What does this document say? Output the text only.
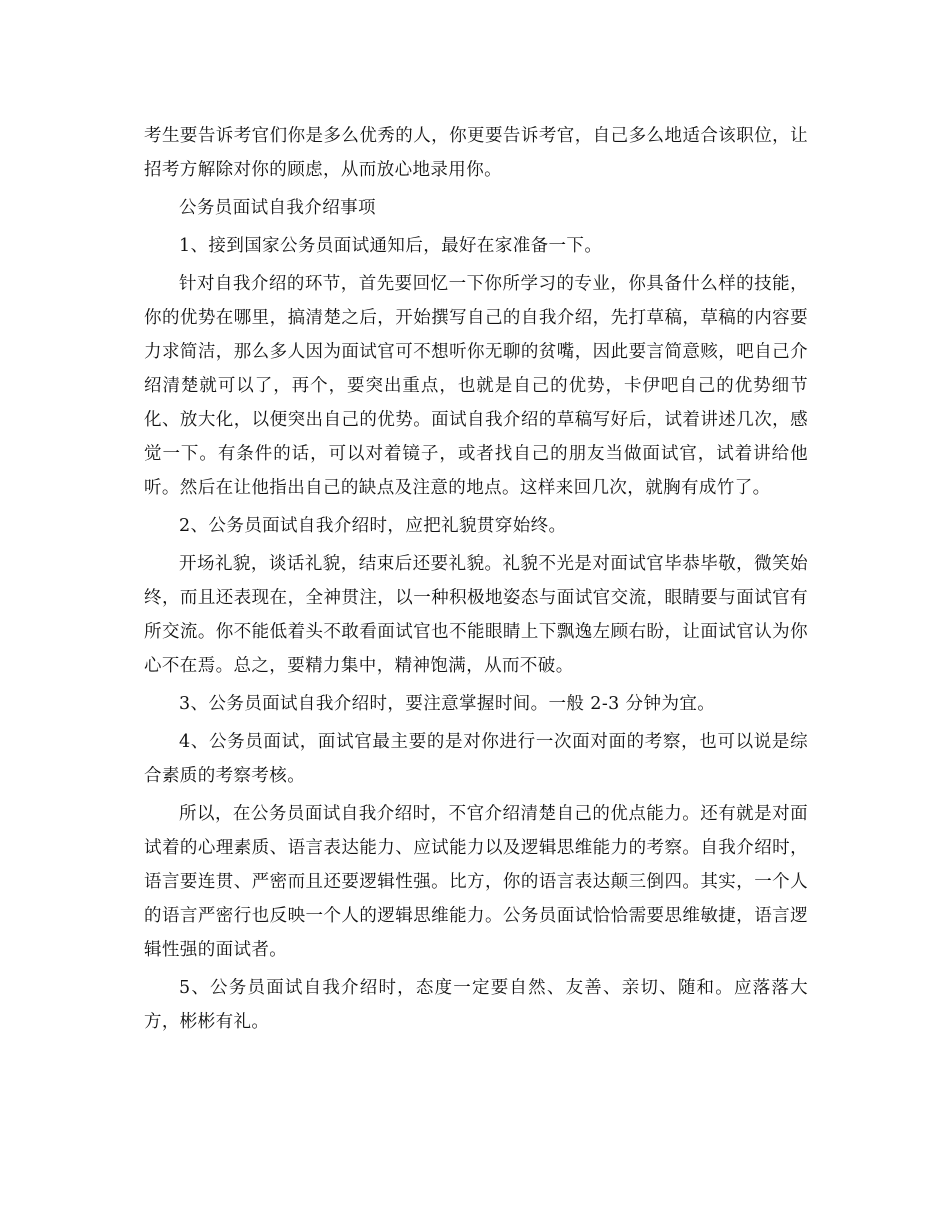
考生要告诉考官们你是多么优秀的人，你更要告诉考官，自己多么地适合该职位，让招考方解除对你的顾虑，从而放心地录用你。

公务员面试自我介绍事项

1、接到国家公务员面试通知后，最好在家准备一下。

针对自我介绍的环节，首先要回忆一下你所学习的专业，你具备什么样的技能，你的优势在哪里，搞清楚之后，开始撰写自己的自我介绍，先打草稿，草稿的内容要力求简洁，那么多人因为面试官可不想听你无聊的贫嘴，因此要言简意赅，吧自己介绍清楚就可以了，再个，要突出重点，也就是自己的优势，卡伊吧自己的优势细节化、放大化，以便突出自己的优势。面试自我介绍的草稿写好后，试着讲述几次，感觉一下。有条件的话，可以对着镜子，或者找自己的朋友当做面试官，试着讲给他听。然后在让他指出自己的缺点及注意的地点。这样来回几次，就胸有成竹了。

2、公务员面试自我介绍时，应把礼貌贯穿始终。

开场礼貌，谈话礼貌，结束后还要礼貌。礼貌不光是对面试官毕恭毕敬，微笑始终，而且还表现在，全神贯注，以一种积极地姿态与面试官交流，眼睛要与面试官有所交流。你不能低着头不敢看面试官也不能眼睛上下飘逸左顾右盼，让面试官认为你心不在焉。总之，要精力集中，精神饱满，从而不破。

3、公务员面试自我介绍时，要注意掌握时间。一般 2-3 分钟为宜。

4、公务员面试，面试官最主要的是对你进行一次面对面的考察，也可以说是综合素质的考察考核。

所以，在公务员面试自我介绍时，不官介绍清楚自己的优点能力。还有就是对面试着的心理素质、语言表达能力、应试能力以及逻辑思维能力的考察。自我介绍时，语言要连贯、严密而且还要逻辑性强。比方，你的语言表达颠三倒四。其实，一个人的语言严密行也反映一个人的逻辑思维能力。公务员面试恰恰需要思维敏捷，语言逻辑性强的面试者。

5、公务员面试自我介绍时，态度一定要自然、友善、亲切、随和。应落落大方，彬彬有礼。
